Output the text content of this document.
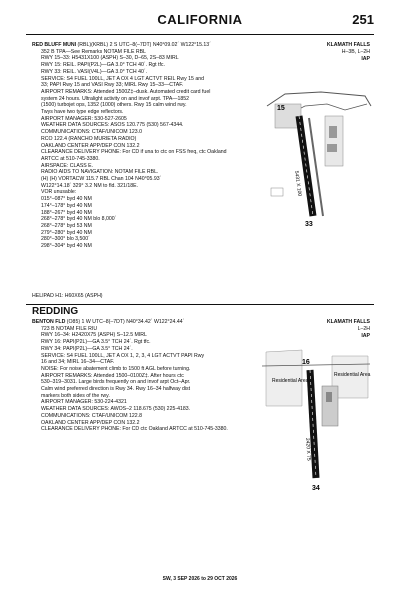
CALIFORNIA	251
RED BLUFF MUNI (RBL)(KRBL) 2 S UTC–8(–7DT) N40°09.02´ W122°15.13´
352 B TPA—See Remarks NOTAM FILE RBL
RWY 15–33: H5431X100 (ASPH) S–30, D–65, 2S–83 MIRL
RWY 15: REIL. PAPI(P2L)—GA 3.0° TCH 40´. Rgt tfc.
RWY 33: REIL. VASI(V4L)—GA 3.0° TCH 40´.
SERVICE: S4 FUEL 100LL, JET A OX 4 LGT ACTVT REIL Rwy 15 and
33; PAPI Rwy 15 and VASI Rwy 33; MIRL Rwy 15–33—CTAF.
AIRPORT REMARKS: Attended 1500Z‡–dusk. Automated credit card fuel
system 24 hours. Ultralight activity on and invof arpt. TPA—1852
(1500) turbojet ops, 1352 (1000) others. Rwy 15 calm wind rwy.
Twys have two type edge reflectors.
AIRPORT MANAGER: 530-527-2605
WEATHER DATA SOURCES: ASOS 120.775 (530) 567-4344.
COMMUNICATIONS: CTAF/UNICOM 123.0
RCO 122.4 (RANCHO MURIETA RADIO)
OAKLAND CENTER APP/DEP CON 132.2
CLEARANCE DELIVERY PHONE: For CD if una to ctc on FSS freq, ctc Oakland
ARTCC at 510-745-3380.
AIRSPACE: CLASS E.
RADIO AIDS TO NAVIGATION: NOTAM FILE RBL.
(H) (H) VORTACW 115.7 RBL Chan 104 N40°05.93´
W122°14.18´ 329° 3.2 NM to fld. 321/18E.
VOR unusable:
015°–087° byd 40 NM
174°–178° byd 40 NM
188°–267° byd 40 NM
268°–278° byd 40 NM blo 8,000´
268°–278° byd 53 NM
279°–280° byd 40 NM
280°–300° blo 3,500´
298°–304° byd 40 NM
KLAMATH FALLS
H–3B, L–2H
IAP
HELIPAD H1: H60X65 (ASPH)
15
33
5431 X 100
REDDING
BENTON FLD (O85) 1 W UTC–8(–7DT) N40°34.42´ W122°24.44´
723 B NOTAM FILE RIU
RWY 16–34: H2420X75 (ASPH) S–12.5 MIRL
RWY 16: PAPI(P2L)—GA 3.5° TCH 24´. Rgt tfc.
RWY 34: PAPI(P2L)—GA 3.5° TCH 24´.
SERVICE: S4 FUEL 100LL, JET A OX 1, 2, 3, 4 LGT ACTVT PAPI Rwy
16 and 34; MIRL 16–34—CTAF.
NOISE: For noise abatement climb to 1500 ft AGL before turning.
AIRPORT REMARKS: Attended 1500–0100Z‡. After hours ctc
530–319–3031. Large birds frequently on and invof arpt Oct–Apr.
Calm wind preferred direction is Rwy 34. Rwy 16–34 halfway dist
markers both sides of the rwy.
AIRPORT MANAGER: 530-224-4321
WEATHER DATA SOURCES: AWOS–2 118.675 (530) 225-4183.
COMMUNICATIONS: CTAF/UNICOM 122.8
OAKLAND CENTER APP/DEP CON 132.2
CLEARANCE DELIVERY PHONE: For CD ctc Oakland ARTCC at 510-745-3380.
KLAMATH FALLS
L–2H
IAP
Residential Area
Residential Area
16
34
2420 X 75
SW, 3 SEP 2026 to 29 OCT 2026
